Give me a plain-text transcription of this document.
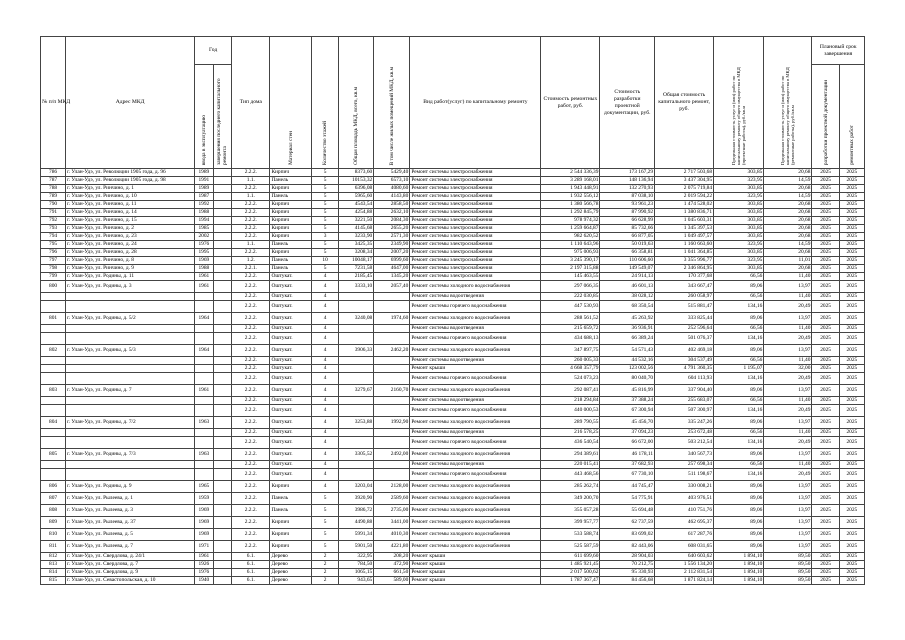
№ п/п МКД	Адрес МКД	Год		Тип дома	Материал стен	Количество этажей	Общая площадь МКД, всего, кв.м	В том числе жилых помещений МКД, кв.м	Вид работ(услуг) по капитальному ремонту	Стоимость ремонтных работ, руб.	Стоимость разработки проектной документации, руб.	Общая стоимость капитального ремонт, руб.	Предельная стоимость услуг и (или) работ по капитальному ремонту общего имущества в МКД (проектные работы), руб./кв.м	Предельная стоимость услуг и (или) работ по капитальному ремонту общего имущества в МКД (ремонтные работы), руб./кв.м	Плановый срок завершения	
		ввода в эксплуатацию	завершения последнего капитального ремонта												разработки проектной документации	ремонтных работ
786	г. Улан-Удэ, ул. Революции 1905 года, д. 96	1989		2.2.2.	Кирпич	5	8373,60	5429,40	Ремонт системы электроснабжения	2 544 336,39	173 167,29	2 717 503,68	303,85	20,68	2025	2025
787	г. Улан-Удэ, ул. Революции 1905 года, д. 98	1991		1.1.	Панель	5	10153,32	6573,10	Ремонт системы электроснабжения	3 289 168,01	148 136,94	3 437 304,95	323,95	14,59	2025	2025
788	г. Улан-Удэ, ул. Ринчино, д. 1	1989		2.2.2.	Кирпич	5	6396,08	4080,60	Ремонт системы электроснабжения	1 943 448,91	132 270,93	2 075 719,84	303,85	20,68	2025	2025
789	г. Улан-Удэ, ул. Ринчино, д. 10	1987		1.1.	Панель	5	5965,60	4143,80	Ремонт системы электроснабжения	1 932 556,12	87 038,10	2 019 594,22	323,95	14,59	2025	2025
790	г. Улан-Удэ, ул. Ринчино, д. 11	1992		2.2.2.	Кирпич	5	4543,54	2858,50	Ремонт системы электроснабжения	1 380 566,78	93 961,23	1 474 528,02	303,85	20,68	2025	2025
791	г. Улан-Удэ, ул. Ринчино, д. 14	1988		2.2.2.	Кирпич	5	4254,88	2632,10	Ремонт системы электроснабжения	1 292 845,79	87 990,92	1 380 836,71	303,85	20,68	2025	2025
792	г. Улан-Удэ, ул. Ринчино, д. 15	1994		2.2.2.	Кирпич	5	3221,50	2084,30	Ремонт системы электроснабжения	978 974,32	66 628,99	1 045 603,31	303,85	20,68	2025	2025
793	г. Улан-Удэ, ул. Ринчино, д. 2	1985		2.2.2.	Кирпич	5	4145,68	2655,20	Ремонт системы электроснабжения	1 259 664,87	85 732,66	1 345 397,53	303,85	20,68	2025	2025
794	г. Улан-Удэ, ул. Ринчино, д. 23	2002		2.2.2.	Кирпич	3	3233,90	2571,30	Ремонт системы электроснабжения	982 620,52	66 877,05	1 049 497,57	303,85	20,68	2025	2025
795	г. Улан-Удэ, ул. Ринчино, д. 24	1976		1.1.	Панель	5	3425,35	2349,90	Ремонт системы электроснабжения	1 110 643,96	50 019,63	1 160 663,60	323,95	14,59	2025	2025
796	г. Улан-Удэ, ул. Ринчино, д. 28	1995		2.2.2.	Кирпич	5	3208,34	2007,20	Ремонт системы электроснабжения	975 006,93	66 358,81	1 041 364,85	303,85	20,68	2025	2025
797	г. Улан-Удэ, ул. Ринчино, д. 8	1969		1.2.	Панель	10	10048,17	6999,60	Ремонт системы электроснабжения	3 245 390,17	110 606,60	3 355 996,77	323,95	11,01	2025	2025
798	г. Улан-Удэ, ул. Ринчино, д. 9	1988		2.2.1.	Панель	5	7231,58	4647,00	Ремонт системы электроснабжения	2 197 315,88	149 549,07	2 346 864,95	303,85	20,68	2025	2025
799	г. Улан-Удэ, ул. Родины, д. 11	1961		2.2.2.	Оштукат.	4	2185,45	1345,20	Ремонт системы электроснабжения	145 463,55	24 914,13	170 377,68	66,56	11,40	2025	2025
800	г. Улан-Удэ, ул. Родины, д. 3	1961		2.2.2.	Оштукат.	4	3333,10	2057,40	Ремонт системы холодного водоснабжения	297 066,35	46 601,13	343 667,47	89,06	13,97	2025	2025
				2.2.2.	Оштукат.	4			Ремонт системы водоотведения	222 030,85	38 028,12	260 058,97	66,56	11,40	2025	2025
				2.2.2.	Оштукат.	4			Ремонт системы горячего водоснабжения	447 530,93	68 350,54	515 881,47	134,16	20,49	2025	2025
801	г. Улан-Удэ, ул. Родины, д. 5/2	1964		2.2.2.	Оштукат.	4	3240,08	1974,60	Ремонт системы холодного водоснабжения	288 561,52	45 263,92	333 825,44	89,06	13,97	2025	2025
				2.2.2.	Оштукат.	4			Ремонт системы водоотведения	215 659,72	36 936,91	252 596,64	66,56	11,40	2025	2025
				2.2.2.	Оштукат.	4			Ремонт системы горячего водоснабжения	434 688,13	66 389,24	501 076,37	134,16	20,49	2025	2025
802	г. Улан-Удэ, ул. Родины, д. 5/3	1964		2.2.2.	Оштукат.	4	3906,33	2462,20	Ремонт системы холодного водоснабжения	347 897,75	54 571,43	402 469,18	89,06	13,97	2025	2025
				2.2.2.	Оштукат.	4			Ремонт системы водоотведения	260 005,33	44 532,16	304 537,49	66,56	11,40	2025	2025
				2.2.2.	Оштукат.	4			Ремонт крыши	4 668 357,79	123 002,56	4 791 360,35	1 195,07	32,00	2025	2025
				2.2.2.	Оштукат.	4			Ремонт системы горячего водоснабжения	524 073,23	80 040,70	604 113,93	134,16	20,49	2025	2025
803	г. Улан-Удэ, ул. Родины, д. 7	1961		2.2.2.	Оштукат.	4	3279,67	2160,70	Ремонт системы холодного водоснабжения	292 087,41	45 816,99	337 904,40	89,06	13,97	2025	2025
				2.2.2.	Оштукат.	4			Ремонт системы водоотведения	218 294,84	37 388,24	255 683,07	66,56	11,40	2025	2025
				2.2.2.	Оштукат.	4			Ремонт системы горячего водоснабжения	440 000,53	67 300,94	507 300,97	134,16	20,49	2025	2025
804	г. Улан-Удэ, ул. Родины, д. 7/2	1963		2.2.2.	Оштукат.	4	3253,88	1992,90	Ремонт системы холодного водоснабжения	289 790,55	45 456,70	335 247,26	89,06	13,97	2025	2025
				2.2.2.	Оштукат.	4			Ремонт системы водоотведения	216 578,25	37 094,23	253 672,48	66,56	11,40	2025	2025
				2.2.2.	Оштукат.	4			Ремонт системы горячего водоснабжения	436 540,54	66 672,00	503 212,54	134,16	20,49	2025	2025
805	г. Улан-Удэ, ул. Родины, д. 7/3	1963		2.2.2.	Оштукат.	4	3305,52	2492,00	Ремонт системы холодного водоснабжения	294 389,61	46 178,11	340 567,73	89,06	13,97	2025	2025
				2.2.2.	Оштукат.	4			Ремонт системы водоотведения	220 015,41	37 682,93	257 698,34	66,56	11,40	2025	2025
				2.2.2.	Оштукат.	4			Ремонт системы горячего водоснабжения	443 468,56	67 730,10	511 198,67	134,16	20,49	2025	2025
806	г. Улан-Удэ, ул. Родины, д. 9	1965		2.2.2.	Кирпич	4	3203,04	2128,00	Ремонт системы холодного водоснабжения	285 262,74	44 745,47	330 008,21	89,06	13,97	2025	2025
807	г. Улан-Удэ, ул. Рылеева, д. 1	1959		2.2.2.	Панель	5	3920,90	2589,60	Ремонт системы холодного водоснабжения	349 200,70	54 775,91	403 976,51	89,06	13,97	2025	2025
808	г. Улан-Удэ, ул. Рылеева, д. 3	1969		2.2.2.	Панель	5	3986,72	2735,00	Ремонт системы холодного водоснабжения	355 057,28	55 694,48	410 751,76	89,06	13,97	2025	2025
809	г. Улан-Удэ, ул. Рылеева, д. 37	1969		2.2.2.	Кирпич	5	4490,88	3441,00	Ремонт системы холодного водоснабжения	399 957,77	62 737,59	462 695,37	89,06	13,97	2025	2025
810	г. Улан-Удэ, ул. Рылеева, д. 5	1969		2.2.2.	Кирпич	5	5991,34	4010,30	Ремонт системы холодного водоснабжения	533 588,74	83 699,02	617 287,76	89,06	13,97	2025	2025
811	г. Улан-Удэ, ул. Рылеева, д. 7	1971		2.2.2.	Кирпич	5	5901,50	4221,80	Ремонт системы холодного водоснабжения	525 587,59	82 443,06	608 031,65	89,06	13,97	2025	2025
812	г. Улан-Удэ, ул. Свердлова, д. 24/1	1961		6.1.	Дерево	2	322,95	208,20	Ремонт крыши	611 699,60	28 904,03	640 603,62	1 894,10	89,50	2025	2025
813	г. Улан-Удэ, ул. Свердлова, д. 7	1926		6.1.	Дерево	2	784,50	472,90	Ремонт крыши	1 485 921,45	70 212,75	1 556 134,20	1 894,10	89,50	2025	2025
814	г. Улан-Удэ, ул. Свердлова, д. 9	1976		6.1.	Дерево	2	1065,15	661,50	Ремонт крыши	2 017 500,62	95 330,93	2 112 831,54	1 894,10	89,50	2025	2025
815	г. Улан-Удэ, ул. Севастопольская, д. 10	1940		6.1.	Дерево	2	943,65	589,00	Ремонт крыши	1 787 367,47	84 456,68	1 871 824,14	1 894,10	89,50	2025	2025
